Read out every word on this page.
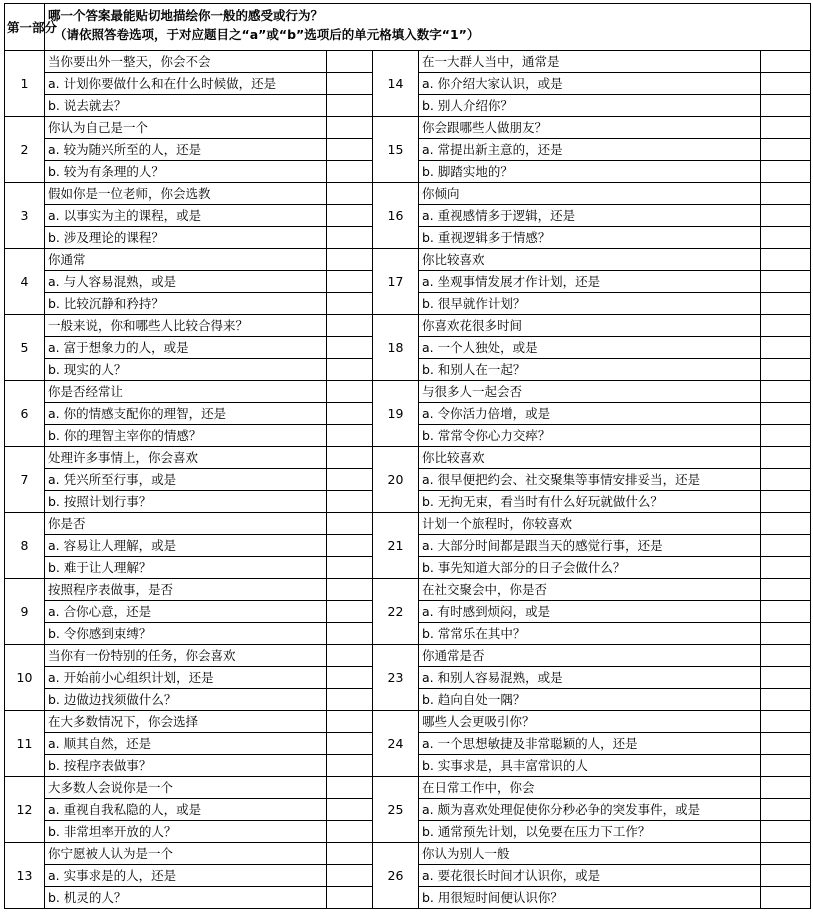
第一部分	哪一个答案最能贴切地描绘你一般的感受或行为？
（请依照答卷选项，于对应题目之“a”或“b”选项后的单元格填入数字“1”）				

1	当你要出外一整天，你会不会		14	在一大群人当中，通常是	
	a. 计划你要做什么和在什么时候做，还是			a. 你介绍大家认识，或是	
	b. 说去就去？			b. 别人介绍你？	
2	你认为自己是一个		15	你会跟哪些人做朋友？	
	a. 较为随兴所至的人，还是			a. 常提出新主意的，还是	
	b. 较为有条理的人？			b. 脚踏实地的？	
3	假如你是一位老师，你会选教		16	你倾向	
	a. 以事实为主的课程，或是			a. 重视感情多于逻辑，还是	
	b. 涉及理论的课程？			b. 重视逻辑多于情感？	
4	你通常		17	你比较喜欢	
	a. 与人容易混熟，或是			a. 坐观事情发展才作计划，还是	
	b. 比较沉静和矜持？			b. 很早就作计划？	
5	一般来说，你和哪些人比较合得来？		18	你喜欢花很多时间	
	a. 富于想象力的人，或是			a. 一个人独处，或是	
	b. 现实的人？			b. 和别人在一起？	
6	你是否经常让		19	与很多人一起会否	
	a. 你的情感支配你的理智，还是			a. 令你活力倍增，或是	
	b. 你的理智主宰你的情感？			b. 常常令你心力交瘁？	
7	处理许多事情上，你会喜欢		20	你比较喜欢	
	a. 凭兴所至行事，或是			a. 很早便把约会、社交聚集等事情安排妥当，还是	
	b. 按照计划行事？			b. 无拘无束，看当时有什么好玩就做什么？	
8	你是否		21	计划一个旅程时，你较喜欢	
	a. 容易让人理解，或是			a. 大部分时间都是跟当天的感觉行事，还是	
	b. 难于让人理解？			b. 事先知道大部分的日子会做什么？	
9	按照程序表做事，是否		22	在社交聚会中，你是否	
	a. 合你心意，还是			a. 有时感到烦闷，或是	
	b. 令你感到束缚？			b. 常常乐在其中？	
10	当你有一份特别的任务，你会喜欢		23	你通常是否	
	a. 开始前小心组织计划，还是			a. 和别人容易混熟，或是	
	b. 边做边找须做什么？			b. 趋向自处一隅？	
11	在大多数情况下，你会选择		24	哪些人会更吸引你？	
	a. 顺其自然，还是			a. 一个思想敏捷及非常聪颖的人，还是	
	b. 按程序表做事？			b. 实事求是，具丰富常识的人	
12	大多数人会说你是一个		25	在日常工作中，你会	
	a. 重视自我私隐的人，或是			a. 颇为喜欢处理促使你分秒必争的突发事件，或是	
	b. 非常坦率开放的人？			b. 通常预先计划，以免要在压力下工作？	
13	你宁愿被人认为是一个		26	你认为别人一般	
	a. 实事求是的人，还是			a. 要花很长时间才认识你，或是	
	b. 机灵的人？			b. 用很短时间便认识你？	
